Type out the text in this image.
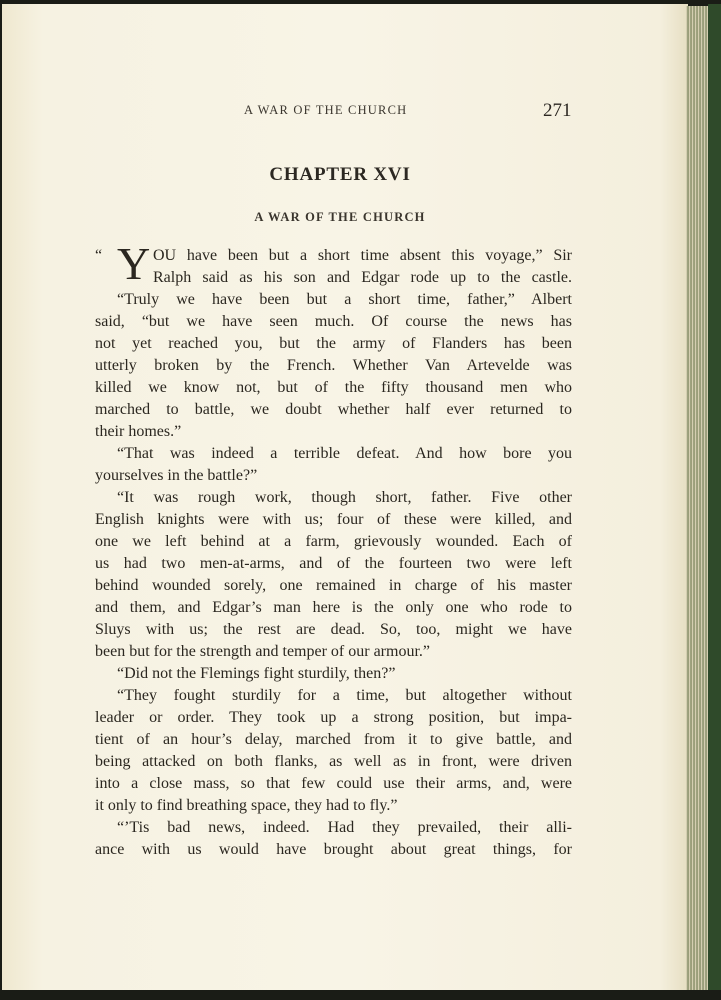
A WAR OF THE CHURCH	271
CHAPTER XVI
A WAR OF THE CHURCH
“ Y OU have been but a short time absent this voyage,” Sir
Ralph said as his son and Edgar rode up to the castle.
“Truly we have been but a short time, father,” Albert
said, “but we have seen much. Of course the news has
not yet reached you, but the army of Flanders has been
utterly broken by the French. Whether Van Artevelde was
killed we know not, but of the fifty thousand men who
marched to battle, we doubt whether half ever returned to
their homes.”
“That was indeed a terrible defeat. And how bore you
yourselves in the battle?”
“It was rough work, though short, father. Five other
English knights were with us; four of these were killed, and
one we left behind at a farm, grievously wounded. Each of
us had two men-at-arms, and of the fourteen two were left
behind wounded sorely, one remained in charge of his master
and them, and Edgar’s man here is the only one who rode to
Sluys with us; the rest are dead. So, too, might we have
been but for the strength and temper of our armour.”
“Did not the Flemings fight sturdily, then?”
“They fought sturdily for a time, but altogether without
leader or order. They took up a strong position, but impa-
tient of an hour’s delay, marched from it to give battle, and
being attacked on both flanks, as well as in front, were driven
into a close mass, so that few could use their arms, and, were
it only to find breathing space, they had to fly.”
“’Tis bad news, indeed. Had they prevailed, their alli-
ance with us would have brought about great things, for
